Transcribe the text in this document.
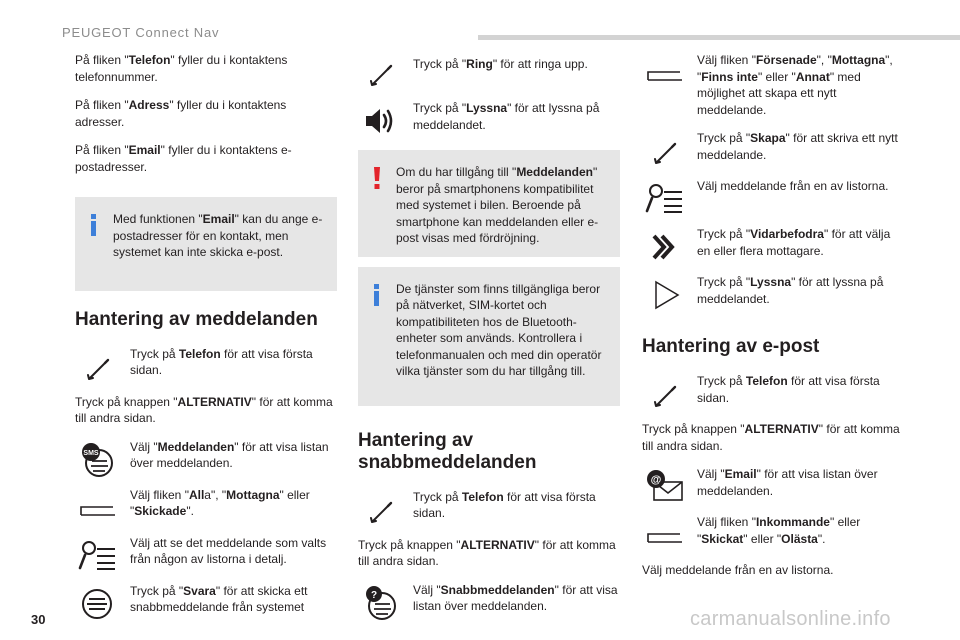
PEUGEOT Connect Nav

På fliken "Telefon" fyller du i kontaktens telefonnummer.

På fliken "Adress" fyller du i kontaktens adresser.

På fliken "Email" fyller du i kontaktens e-postadresser.

Med funktionen "Email" kan du ange e-postadresser för en kontakt, men systemet kan inte skicka e-post.

Hantering av meddelanden
Tryck på Telefon för att visa första sidan.

Tryck på knappen "ALTERNATIV" för att komma till andra sidan.

SMS	Välj "Meddelanden" för att visa listan över meddelanden.
Välj fliken "Alla", "Mottagna" eller "Skickade".
Välj att se det meddelande som valts från någon av listorna i detalj.
Tryck på "Svara" för att skicka ett snabbmeddelande från systemet
Tryck på "Ring" för att ringa upp.
Tryck på "Lyssna" för att lyssna på meddelandet.

Om du har tillgång till "Meddelanden" beror på smartphonens kompatibilitet med systemet i bilen. Beroende på smartphone kan meddelanden eller e-post visas med fördröjning.

De tjänster som finns tillgängliga beror på nätverket, SIM-kortet och kompatibiliteten hos de Bluetooth-enheter som används. Kontrollera i telefonmanualen och med din operatör vilka tjänster som du har tillgång till.

Hantering av snabbmeddelanden
Tryck på Telefon för att visa första sidan.

Tryck på knappen "ALTERNATIV" för att komma till andra sidan.

?	Välj "Snabbmeddelanden" för att visa listan över meddelanden.
Välj fliken "Försenade", "Mottagna", "Finns inte" eller "Annat" med möjlighet att skapa ett nytt meddelande.
Tryck på "Skapa" för att skriva ett nytt meddelande.
Välj meddelande från en av listorna.
Tryck på "Vidarbefodra" för att välja en eller flera mottagare.
Tryck på "Lyssna" för att lyssna på meddelandet.
Hantering av e-post
Tryck på Telefon för att visa första sidan.

Tryck på knappen "ALTERNATIV" för att komma till andra sidan.

@	Välj "Email" för att visa listan över meddelanden.
Välj fliken "Inkommande" eller "Skickat" eller "Olästa".

Välj meddelande från en av listorna.

30	carmanualsonline.info
